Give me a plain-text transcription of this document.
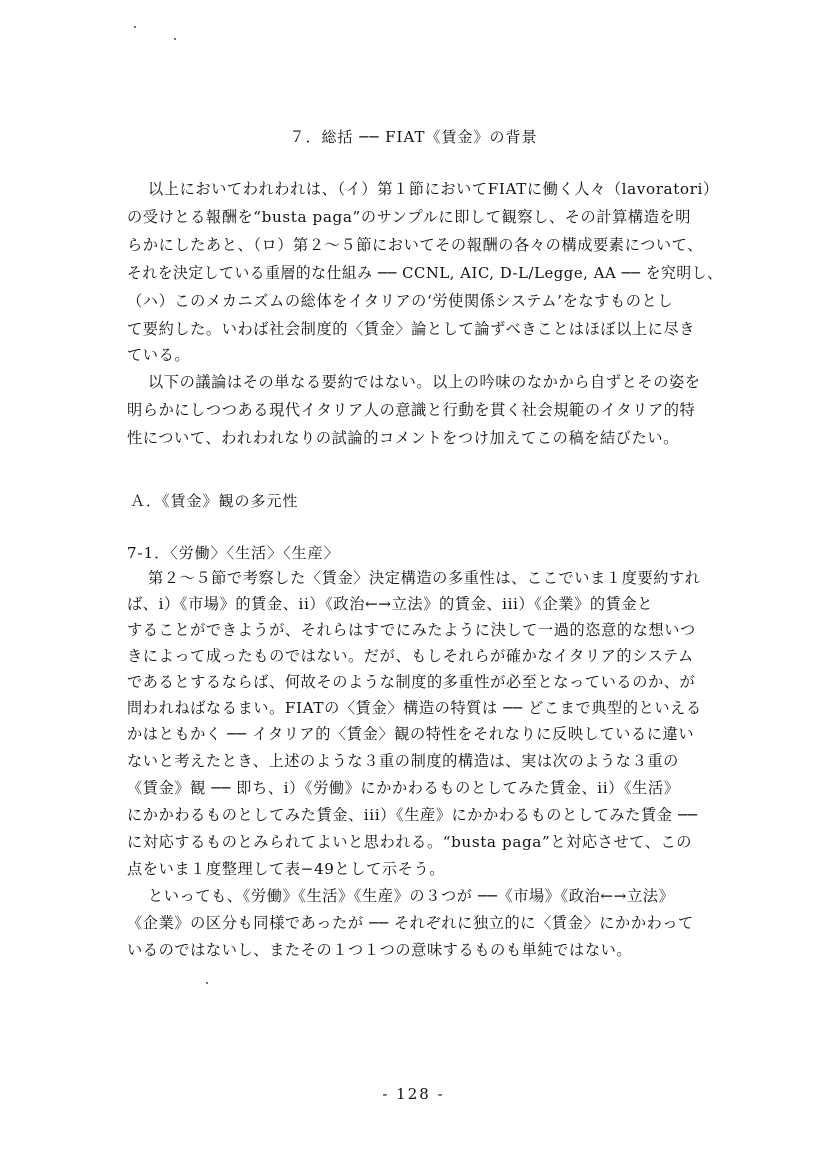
７．総括 ── FIAT《賃金》の背景
以上においてわれわれは、（イ）第１節においてFIATに働く人々（lavoratori）
の受けとる報酬を“busta paga”のサンプルに即して観察し、その計算構造を明
らかにしたあと、（ロ）第２～５節においてその報酬の各々の構成要素について、
それを決定している重層的な仕組み ── CCNL, AIC, D-L/Legge, AA ── を究明し、
（ハ）このメカニズムの総体をイタリアの‘労使関係システム’をなすものとし
て要約した。いわば社会制度的〈賃金〉論として論ずべきことはほぼ以上に尽き
ている。
以下の議論はその単なる要約ではない。以上の吟味のなかから自ずとその姿を
明らかにしつつある現代イタリア人の意識と行動を貫く社会規範のイタリア的特
性について、われわれなりの試論的コメントをつけ加えてこの稿を結びたい。
Ａ．《賃金》観の多元性
7-1．〈労働〉〈生活〉〈生産〉
第２～５節で考察した〈賃金〉決定構造の多重性は、ここでいま１度要約すれ
ば、i）《市場》的賃金、ii）《政治←→立法》的賃金、iii）《企業》的賃金と
することができようが、それらはすでにみたように決して一過的恣意的な想いつ
きによって成ったものではない。だが、もしそれらが確かなイタリア的システム
であるとするならば、何故そのような制度的多重性が必至となっているのか、が
問われねばなるまい。FIATの〈賃金〉構造の特質は ── どこまで典型的といえる
かはともかく ── イタリア的〈賃金〉観の特性をそれなりに反映しているに違い
ないと考えたとき、上述のような３重の制度的構造は、実は次のような３重の
《賃金》観 ── 即ち、i）《労働》にかかわるものとしてみた賃金、ii）《生活》
にかかわるものとしてみた賃金、iii）《生産》にかかわるものとしてみた賃金 ──
に対応するものとみられてよいと思われる。“busta paga”と対応させて、この
点をいま１度整理して表−49として示そう。
といっても、《労働》《生活》《生産》の３つが ──《市場》《政治←→立法》
《企業》の区分も同様であったが ── それぞれに独立的に〈賃金〉にかかわって
いるのではないし、またその１つ１つの意味するものも単純ではない。
- 128 -
